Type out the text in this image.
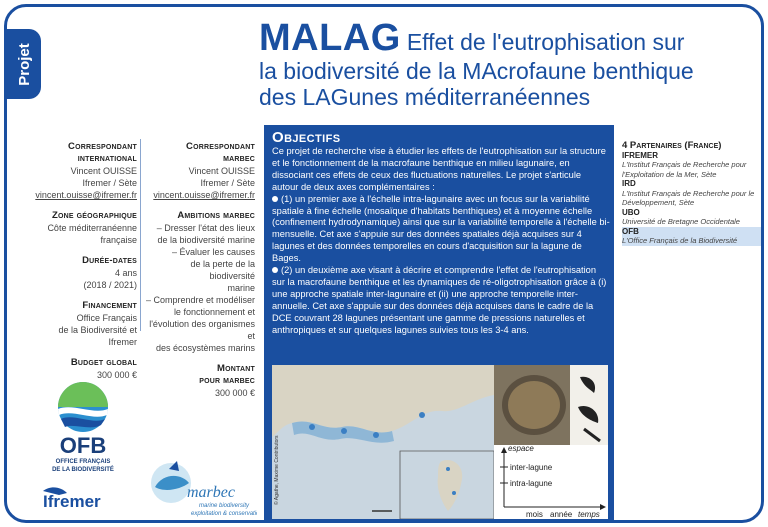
Projet
MALAG Effet de l'eutrophisation sur
la biodiversité de la MAcrofaune benthique
des LAGunes méditerranéennes
Correspondant
international
Vincent OUISSE
Ifremer / Sète
vincent.ouisse@ifremer.fr
Zone géographique
Côte méditerranéenne
française
Durée-dates
4 ans
(2018 / 2021)
Financement
Office Français
de la Biodiversité et Ifremer
Budget global
300 000 €
Correspondant
marbec
Vincent OUISSE
Ifremer / Sète
vincent.ouisse@ifremer.fr
Ambitions marbec
– Dresser l'état des lieux
de la biodiversité marine
– Évaluer les causes
de la perte de la biodiversité
marine
– Comprendre et modéliser
le fonctionnement et
l'évolution des organismes et
des écosystèmes marins
Montant
pour marbec
300 000 €
Objectifs

Ce projet de recherche vise à étudier les effets de l'eutrophisation sur la structure et le fonctionnement de la macrofaune benthique en milieu lagunaire, en dissociant ces effets de ceux des fluctuations naturelles. Le projet s'articule autour de deux axes complémentaires :

(1) un premier axe à l'échelle intra-lagunaire avec un focus sur la variabilité spatiale à fine échelle (mosaïque d'habitats benthiques) et à moyenne échelle (confinement hydrodynamique) ainsi que sur la variabilité temporelle à l'échelle bi-mensuelle. Cet axe s'appuie sur des données spatiales déjà acquises sur 4 lagunes et des données temporelles en cours d'acquisition sur la lagune de Bages.

(2) un deuxième axe visant à décrire et comprendre l'effet de l'eutrophisation sur la macrofaune benthique et les dynamiques de ré-oligotrophisation grâce à (i) une approche spatiale inter-lagunaire et (ii) une approche temporelle inter-annuelle. Cet axe s'appuie sur des données déjà acquises dans le cadre de la DCE couvrant 28 lagunes présentant une gamme de pressions naturelles et anthropiques et sur quelques lagunes suivies tous les 3-4 ans.

© Agathe, Maxime Contributors	espace
inter-lagune
intra-lagune
mois année temps
4 Partenaires (France)
IFREMER
L'Institut Français de Recherche pour l'Exploitation de la Mer, Sète
IRD
L'Institut Français de Recherche pour le Développement, Sète
UBO
Université de Bretagne Occidentale
OFB
L'Office Français de la Biodiversité
OFB
OFFICE FRANÇAIS
DE LA BIODIVERSITÉ
Ifremer	marbec
marine biodiversity
exploitation & conservation
